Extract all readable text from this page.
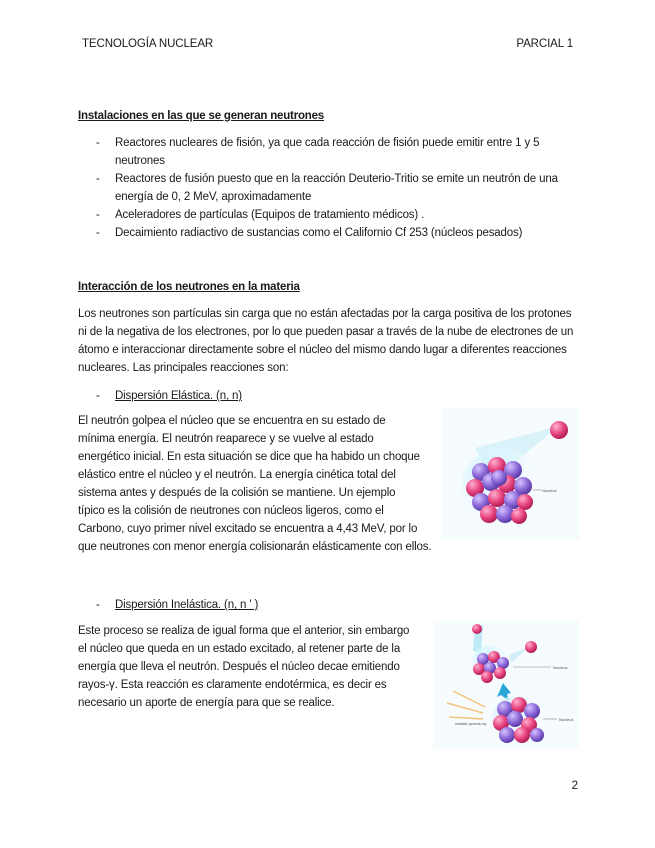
TECNOLOGÍA NUCLEAR	PARCIAL 1
Instalaciones en las que se generan neutrones
- Reactores nucleares de fisión, ya que cada reacción de fisión puede emitir entre 1 y 5 neutrones
- Reactores de fusión puesto que en la reacción Deuterio-Tritio se emite un neutrón de una energía de 0, 2 MeV, aproximadamente
- Aceleradores de partículas (Equipos de tratamiento médicos) .
- Decaimiento radiactivo de sustancias como el Californio Cf 253 (núcleos pesados)
Interacción de los neutrones en la materia
Los neutrones son partículas sin carga que no están afectadas por la carga positiva de los protones ni de la negativa de los electrones, por lo que pueden pasar a través de la nube de electrones de un átomo e interaccionar directamente sobre el núcleo del mismo dando lugar a diferentes reacciones nucleares. Las principales reacciones son:
- Dispersión Elástica. (n, n)
Nucleus
El neutrón golpea el núcleo que se encuentra en su estado de mínima energía. El neutrón reaparece y se vuelve al estado energético inicial. En esta situación se dice que ha habido un choque elástico entre el núcleo y el neutrón. La energía cinética total del sistema antes y después de la colisión se mantiene. Un ejemplo típico es la colisión de neutrones con núcleos ligeros, como el Carbono, cuyo primer nivel excitado se encuentra a 4,43 MeV, por lo que neutrones con menor energía colisionarán elásticamente con ellos.
- Dispersión Inelástica. (n, n ' )
Nucleus
Nucleus
Inelastic gamma ray
Este proceso se realiza de igual forma que el anterior, sin embargo el núcleo que queda en un estado excitado, al retener parte de la energía que lleva el neutrón. Después el núcleo decae emitiendo rayos-γ. Esta reacción es claramente endotérmica, es decir es necesario un aporte de energía para que se realice.
2
